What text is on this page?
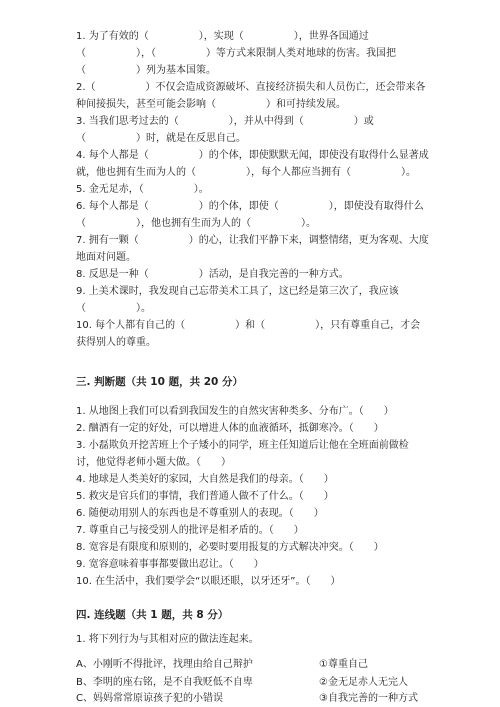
1. 为了有效的（　　　　　），实现（　　　　　），世界各国通过
（　　　　　），（　　　　　）等方式来限制人类对地球的伤害。我国把
（　　　　　）列为基本国策。
2.（　　　　　）不仅会造成资源破坏、直接经济损失和人员伤亡，还会带来各
种间接损失，甚至可能会影响（　　　　　）和可持续发展。
3. 当我们思考过去的（　　　　　），并从中得到（　　　　　）或
（　　　　　）时，就是在反思自己。
4. 每个人都是（　　　　　）的个体，即使默默无闻，即使没有取得什么显著成
就，他也拥有生而为人的（　　　　　），每个人都应当拥有（　　　　　）。
5. 金无足赤，（　　　　　）。
6. 每个人都是（　　　　　）的个体，即使（　　　　　），即使没有取得什么
（　　　　　），他也拥有生而为人的（　　　　　）。
7. 拥有一颗（　　　　　）的心，让我们平静下来，调整情绪，更为客观、大度
地面对问题。
8. 反思是一种（　　　　　）活动，是自我完善的一种方式。
9. 上美术课时，我发现自己忘带美术工具了，这已经是第三次了，我应该
（　　　　　）。
10. 每个人都有自己的（　　　　　）和（　　　　　），只有尊重自己，才会
获得别人的尊重。
三. 判断题（共 10 题，共 20 分）
1. 从地图上我们可以看到我国发生的自然灾害种类多、分布广。（　　）
2. 酗酒有一定的好处，可以增进人体的血液循环，抵御寒冷。（　　）
3. 小磊欺负开挖苦班上个子矮小的同学，班主任知道后让他在全班面前做检
讨，他觉得老师小题大做。（　　）
4. 地球是人类美好的家园，大自然是我们的母亲。（　　）
5. 救灾是官兵们的事情，我们普通人做不了什么。（　　）
6. 随便动用别人的东西也是不尊重别人的表现。（　　）
7. 尊重自己与接受别人的批评是相矛盾的。（　　）
8. 宽容是有限度和原则的，必要时要用报复的方式解决冲突。（　　）
9. 宽容意味着事事都要做出忍让。（　　）
10. 在生活中，我们要学会“以眼还眼，以牙还牙”。（　　）
四. 连线题（共 1 题，共 8 分）
1. 将下列行为与其相对应的做法连起来。
A、小刚听不得批评，找理由给自己辩护	①尊重自己
B、李明的座右铭，是不自我贬低不自卑	②金无足赤人无完人
C、妈妈常常原谅孩子犯的小错误	③自我完善的一种方式
